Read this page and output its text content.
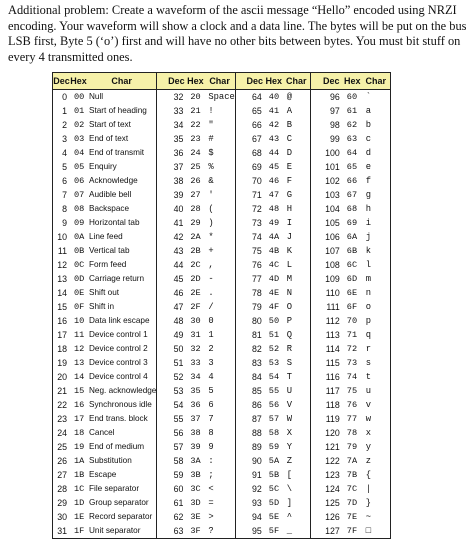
Additional problem: Create a waveform of the ascii message “Hello” encoded using NRZI encoding. Your waveform will show a clock and a data line. The bytes will be put on the bus LSB first, Byte 5 (‘o’) first and will have no other bits between bytes. You must bit stuff on every 4 transmitted ones.

Dec	Hex	Char		Dec	Hex	Char		Dec	Hex	Char		Dec	Hex	Char
0	00	Null		32	20	Space		64	40	@		96	60	`
1	01	Start of heading		33	21	!		65	41	A		97	61	a
2	02	Start of text		34	22	"		66	42	B		98	62	b
3	03	End of text		35	23	#		67	43	C		99	63	c
4	04	End of transmit		36	24	$		68	44	D		100	64	d
5	05	Enquiry		37	25	%		69	45	E		101	65	e
6	06	Acknowledge		38	26	&		70	46	F		102	66	f
7	07	Audible bell		39	27	'		71	47	G		103	67	g
8	08	Backspace		40	28	(		72	48	H		104	68	h
9	09	Horizontal tab		41	29	)		73	49	I		105	69	i
10	0A	Line feed		42	2A	*		74	4A	J		106	6A	j
11	0B	Vertical tab		43	2B	+		75	4B	K		107	6B	k
12	0C	Form feed		44	2C	,		76	4C	L		108	6C	l
13	0D	Carriage return		45	2D	-		77	4D	M		109	6D	m
14	0E	Shift out		46	2E	.		78	4E	N		110	6E	n
15	0F	Shift in		47	2F	/		79	4F	O		111	6F	o
16	10	Data link escape		48	30	0		80	50	P		112	70	p
17	11	Device control 1		49	31	1		81	51	Q		113	71	q
18	12	Device control 2		50	32	2		82	52	R		114	72	r
19	13	Device control 3		51	33	3		83	53	S		115	73	s
20	14	Device control 4		52	34	4		84	54	T		116	74	t
21	15	Neg. acknowledge		53	35	5		85	55	U		117	75	u
22	16	Synchronous idle		54	36	6		86	56	V		118	76	v
23	17	End trans. block		55	37	7		87	57	W		119	77	w
24	18	Cancel		56	38	8		88	58	X		120	78	x
25	19	End of medium		57	39	9		89	59	Y		121	79	y
26	1A	Substitution		58	3A	:		90	5A	Z		122	7A	z
27	1B	Escape		59	3B	;		91	5B	[		123	7B	{
28	1C	File separator		60	3C	<		92	5C	\		124	7C	|
29	1D	Group separator		61	3D	=		93	5D	]		125	7D	}
30	1E	Record separator		62	3E	>		94	5E	^		126	7E	~
31	1F	Unit separator		63	3F	?		95	5F	_		127	7F	□
